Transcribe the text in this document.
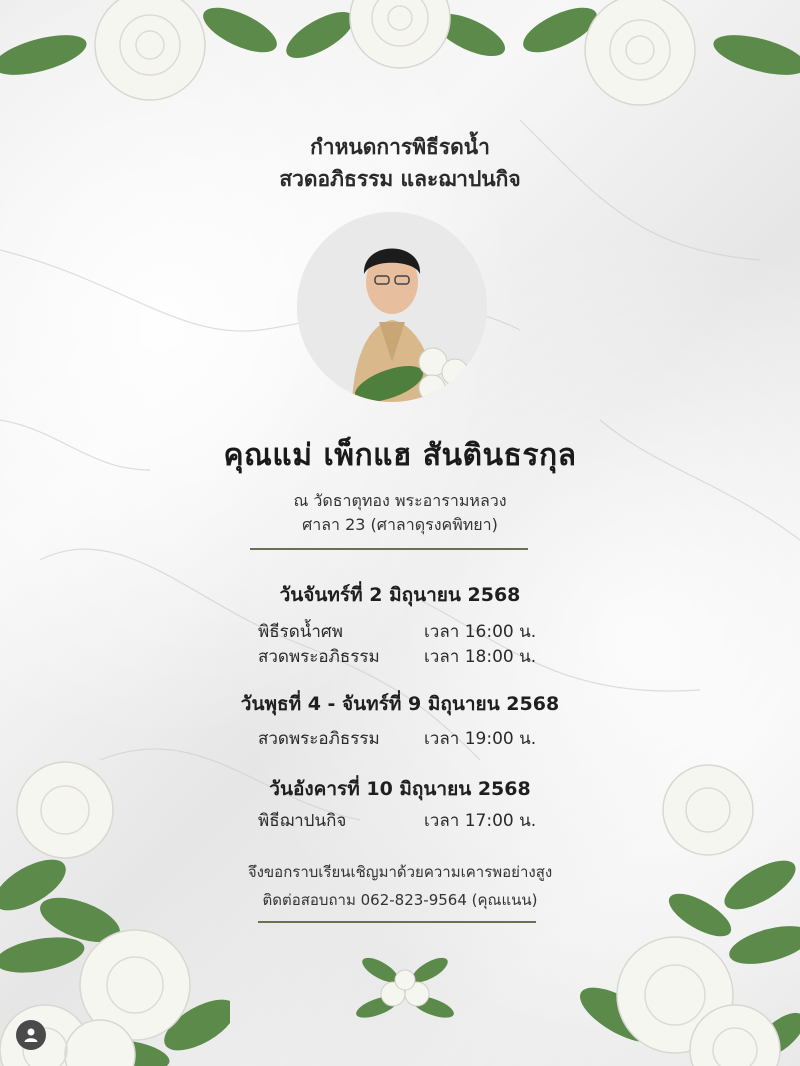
กำหนดการพิธีรดน้ำ
สวดอภิธรรม และฌาปนกิจ
คุณแม่ เพ็กแฮ สันตินธรกุล
ณ วัดธาตุทอง พระอารามหลวง
ศาลา 23 (ศาลาดุรงคพิทยา)
วันจันทร์ที่ 2 มิถุนายน 2568
พิธีรดน้ำศพ	เวลา 16:00 น.
สวดพระอภิธรรม	เวลา 18:00 น.
วันพุธที่ 4 - จันทร์ที่ 9 มิถุนายน 2568
สวดพระอภิธรรม	เวลา 19:00 น.
วันอังคารที่ 10 มิถุนายน 2568
พิธีฌาปนกิจ	เวลา 17:00 น.
จึงขอกราบเรียนเชิญมาด้วยความเคารพอย่างสูง
ติดต่อสอบถาม 062-823-9564 (คุณแนน)
